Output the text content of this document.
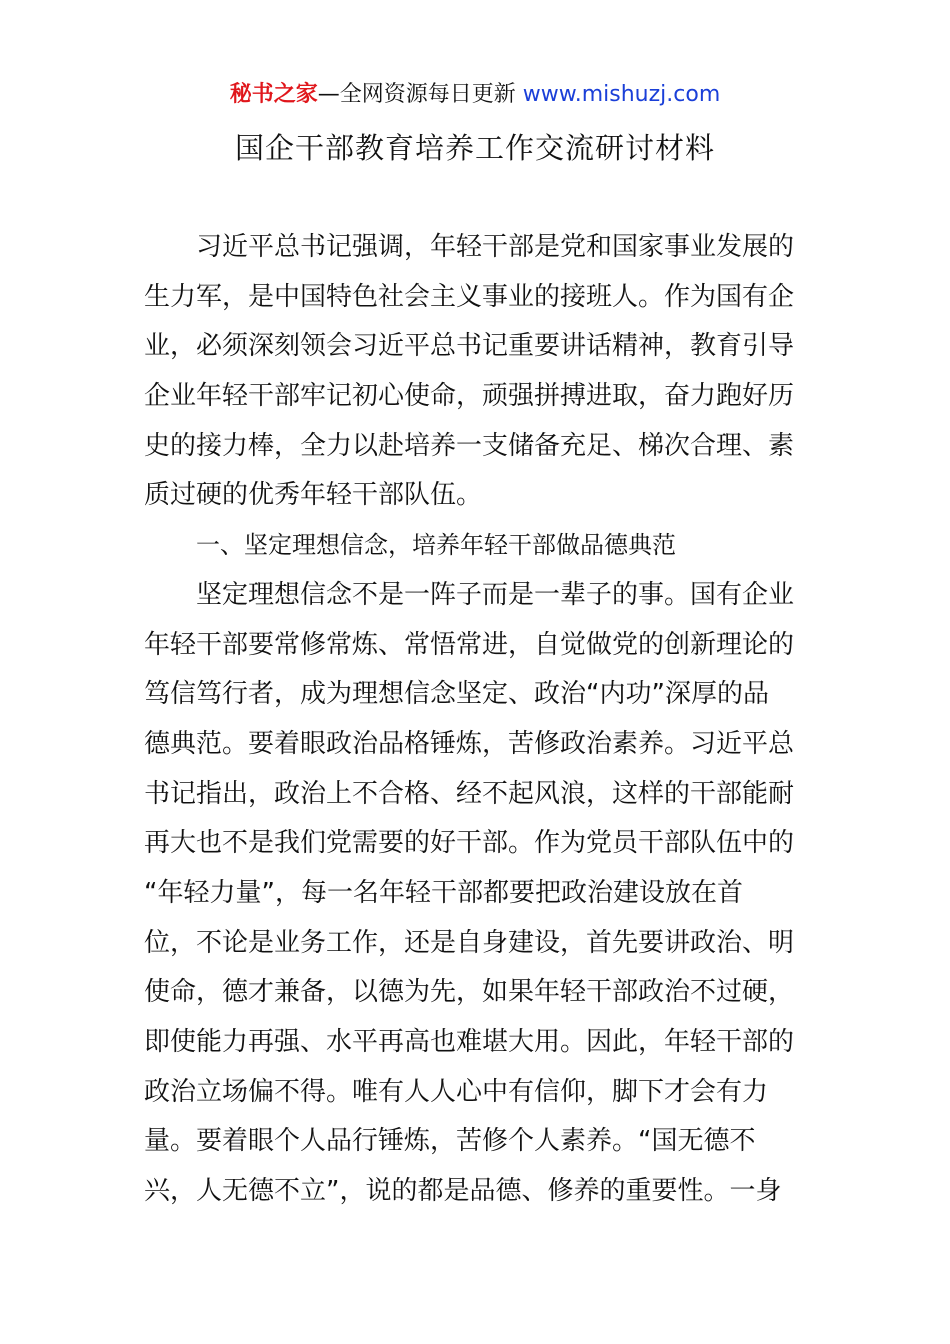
秘书之家—全网资源每日更新 www.mishuzj.com
国企干部教育培养工作交流研讨材料
习近平总书记强调，年轻干部是党和国家事业发展的
生力军，是中国特色社会主义事业的接班人。作为国有企
业，必须深刻领会习近平总书记重要讲话精神，教育引导
企业年轻干部牢记初心使命，顽强拼搏进取，奋力跑好历
史的接力棒，全力以赴培养一支储备充足、梯次合理、素
质过硬的优秀年轻干部队伍。
一、坚定理想信念，培养年轻干部做品德典范
坚定理想信念不是一阵子而是一辈子的事。国有企业
年轻干部要常修常炼、常悟常进，自觉做党的创新理论的
笃信笃行者，成为理想信念坚定、政治“内功”深厚的品
德典范。要着眼政治品格锤炼，苦修政治素养。习近平总
书记指出，政治上不合格、经不起风浪，这样的干部能耐
再大也不是我们党需要的好干部。作为党员干部队伍中的
“年轻力量”，每一名年轻干部都要把政治建设放在首
位，不论是业务工作，还是自身建设，首先要讲政治、明
使命，德才兼备，以德为先，如果年轻干部政治不过硬，
即使能力再强、水平再高也难堪大用。因此，年轻干部的
政治立场偏不得。唯有人人心中有信仰，脚下才会有力
量。要着眼个人品行锤炼，苦修个人素养。“国无德不
兴，人无德不立”，说的都是品德、修养的重要性。一身
